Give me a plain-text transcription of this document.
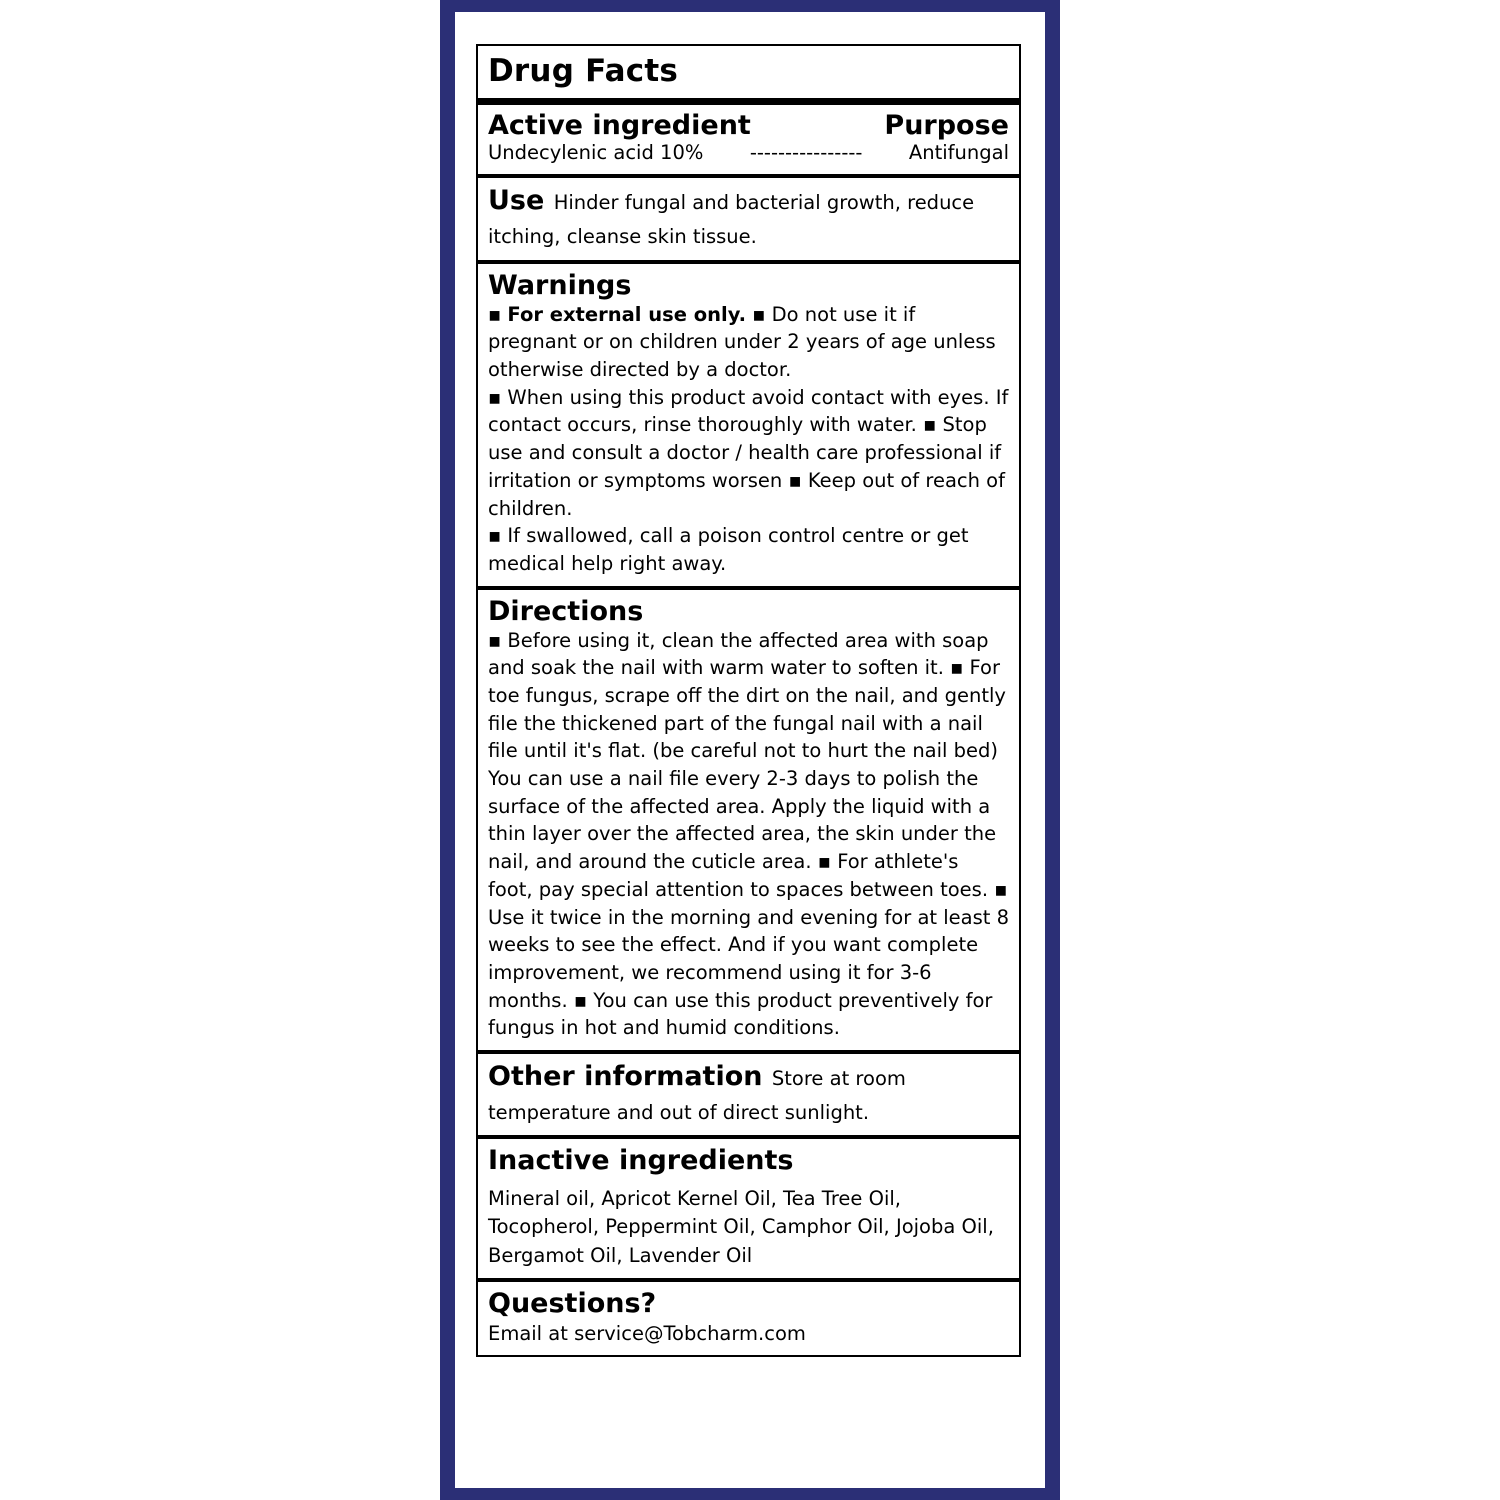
Drug Facts
Active ingredient	Purpose
Undecylenic acid 10% ---------------- Antifungal

Use Hinder fungal and bacterial growth, reduce itching, cleanse skin tissue.

Warnings

▪ For external use only. ▪ Do not use it if pregnant or on children under 2 years of age unless otherwise directed by a doctor.
▪ When using this product avoid contact with eyes. If contact occurs, rinse thoroughly with water. ▪ Stop use and consult a doctor / health care professional if irritation or symptoms worsen ▪ Keep out of reach of children.
▪ If swallowed, call a poison control centre or get medical help right away.

Directions

▪ Before using it, clean the affected area with soap and soak the nail with warm water to soften it. ▪ For toe fungus, scrape off the dirt on the nail, and gently file the thickened part of the fungal nail with a nail file until it's flat. (be careful not to hurt the nail bed) You can use a nail file every 2-3 days to polish the surface of the affected area. Apply the liquid with a thin layer over the affected area, the skin under the nail, and around the cuticle area. ▪ For athlete's foot, pay special attention to spaces between toes. ▪ Use it twice in the morning and evening for at least 8 weeks to see the effect. And if you want complete improvement, we recommend using it for 3-6 months. ▪ You can use this product preventively for fungus in hot and humid conditions.

Other information Store at room temperature and out of direct sunlight.

Inactive ingredients
Mineral oil, Apricot Kernel Oil, Tea Tree Oil, Tocopherol, Peppermint Oil, Camphor Oil, Jojoba Oil, Bergamot Oil, Lavender Oil
Questions?
Email at service@Tobcharm.com
